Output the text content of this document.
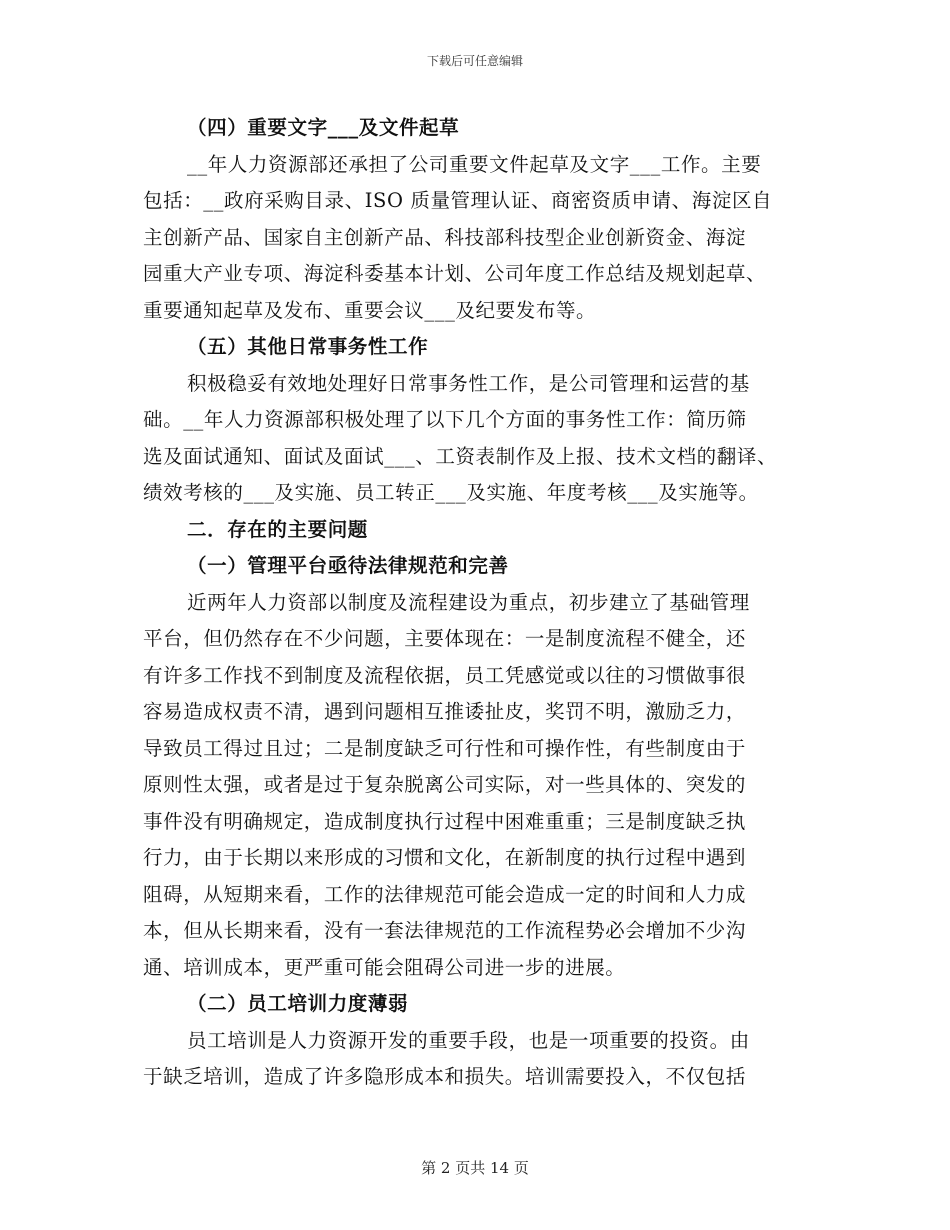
下载后可任意编辑
（四）重要文字___及文件起草
__年人力资源部还承担了公司重要文件起草及文字___工作。主要
包括：__政府采购目录、ISO 质量管理认证、商密资质申请、海淀区自
主创新产品、国家自主创新产品、科技部科技型企业创新资金、海淀
园重大产业专项、海淀科委基本计划、公司年度工作总结及规划起草、
重要通知起草及发布、重要会议___及纪要发布等。
（五）其他日常事务性工作
积极稳妥有效地处理好日常事务性工作，是公司管理和运营的基
础。__年人力资源部积极处理了以下几个方面的事务性工作：简历筛
选及面试通知、面试及面试___、工资表制作及上报、技术文档的翻译、
绩效考核的___及实施、员工转正___及实施、年度考核___及实施等。
二．存在的主要问题
（一）管理平台亟待法律规范和完善
近两年人力资部以制度及流程建设为重点，初步建立了基础管理
平台，但仍然存在不少问题，主要体现在：一是制度流程不健全，还
有许多工作找不到制度及流程依据，员工凭感觉或以往的习惯做事很
容易造成权责不清，遇到问题相互推诿扯皮，奖罚不明，激励乏力，
导致员工得过且过；二是制度缺乏可行性和可操作性，有些制度由于
原则性太强，或者是过于复杂脱离公司实际，对一些具体的、突发的
事件没有明确规定，造成制度执行过程中困难重重；三是制度缺乏执
行力，由于长期以来形成的习惯和文化，在新制度的执行过程中遇到
阻碍，从短期来看，工作的法律规范可能会造成一定的时间和人力成
本，但从长期来看，没有一套法律规范的工作流程势必会增加不少沟
通、培训成本，更严重可能会阻碍公司进一步的进展。
（二）员工培训力度薄弱
员工培训是人力资源开发的重要手段，也是一项重要的投资。由
于缺乏培训，造成了许多隐形成本和损失。培训需要投入，不仅包括
第 2 页共 14 页
